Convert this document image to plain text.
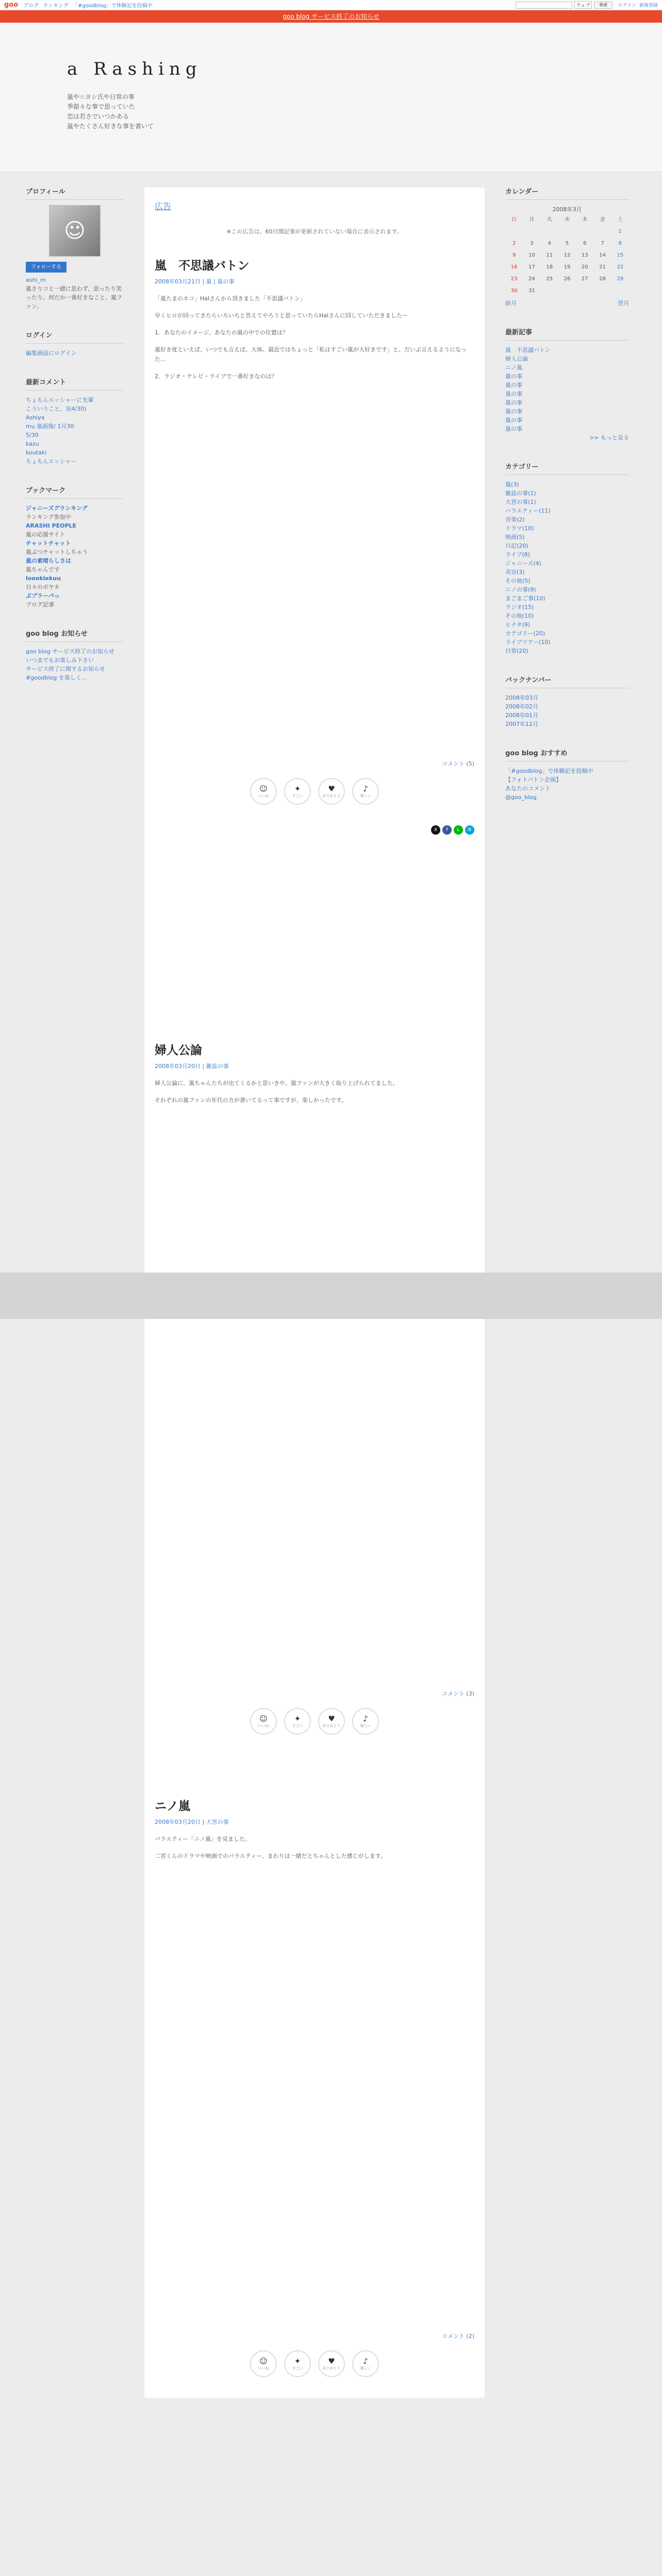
goo ブログ ランキング 「#goodblog」で体験記を投稿中	ウェブ	検索	ログイン 新規登録
goo blog サービス終了のお知らせ
a Rashing
嵐や☆ヨシ氏や日常の事
季節々な事で思っていた
恋は若さでいつかある
嵐やたくさん好きな事を書いて
プロフィール
☺
フォローする
ashi_m
嵐さりコと一緒に思わず、思ったり笑ったり。何だか一番好きなこと、嵐ファン。
ログイン
編集画面にログイン
最新コメント
ちょちんエッシャーに先輩
こういうこと。3(4/30)
Ashiya
mu 嵐画像/ 1月30
5/30
kazu
koutaki
ちょちんエッシャー
ブックマーク
ジャニーズグランキング
ランキング参加中
ARASHI PEOPLE
嵐の応援サイト
チャットチャット
嵐ぶつチャットしちゃう
嵐の素晴らしさは
嵐ちゃんです
loookiekuu
日々のボヤキ
ぷプラーパっ
ブログ記事
goo blog お知らせ
goo blog サービス終了のお知らせ
いつまでもお楽しみ下さい
サービス終了に関するお知らせ
#goodblog を楽しく...
広告
※この広告は、60日間記事が更新されていない場合に表示されます。
嵐　不思議バトン
2008年03月21日 | 嵐 | 嵐の事

「嵐たまのネコ」Halさんから頂きました「不思議バトン」

早くヒロが回ってきたらいろいろと答えてやろうと思っていたらHalさんに回していただきました〜

1．あなたのイメージ、あなたの嵐の中での位置は？

嵐好き度といえば、いつでも言えば、大体。最近ではちょっと「私はすごい嵐が大好きです」と、だいぶ言えるようになった...

2．ラジオ・テレビ・ライブで一番好きなのは？

コメント (5)
☺
いいね
✦
すごい
♥
ありがとう
♪
楽しい
X	f	L	B
婦人公論
2008年03月20日 | 雑誌の事

婦人公論に、嵐ちゃんたちが出てくるかと思いきや、嵐ファンが大きく取り上げられてました。

それぞれの嵐ファンの年代の方が書いてるって事ですが、楽しかったです。

コメント (3)
☺
いいね
✦
すごい
♥
ありがとう
♪
楽しい
ニノ嵐
2008年03月20日 | 大宮の事

バラエティー「ニノ嵐」を見ました。

二宮くんのドラマや映画でのバラエティー、まわりは一緒だとちゃんとした感じがします。

コメント (2)
☺
いいね
✦
すごい
♥
ありがとう
♪
楽しい
カレンダー
2008年3月
日	月	火	水	木	金	土
						1
2	3	4	5	6	7	8
9	10	11	12	13	14	15
16	17	18	19	20	21	22
23	24	25	26	27	28	29
30	31					
前月	翌月
最新記事
嵐　不思議バトン
婦人公論
ニノ嵐
嵐の事
嵐の事
嵐の事
嵐の事
嵐の事
嵐の事
嵐の事
>> もっと見る
カテゴリー
嵐(3)
雑誌の事(1)
大宮の事(1)
バラエティー(11)
音楽(2)
ドラマ(10)
映画(5)
日記(20)
ライブ(8)
ジャニーズ(4)
美容(3)
その他(5)
ニノの事(9)
まごまご事(10)
ラジオ(15)
その他(10)
ヒナタ(9)
カテゴリー(20)
ライブツアー(10)
日常(20)
バックナンバー
2008年03月
2008年02月
2008年01月
2007年12月
goo blog おすすめ
「#goodblog」で体験記を投稿中
【フォトバトン企画】
あなたのコメント
@goo_blog
